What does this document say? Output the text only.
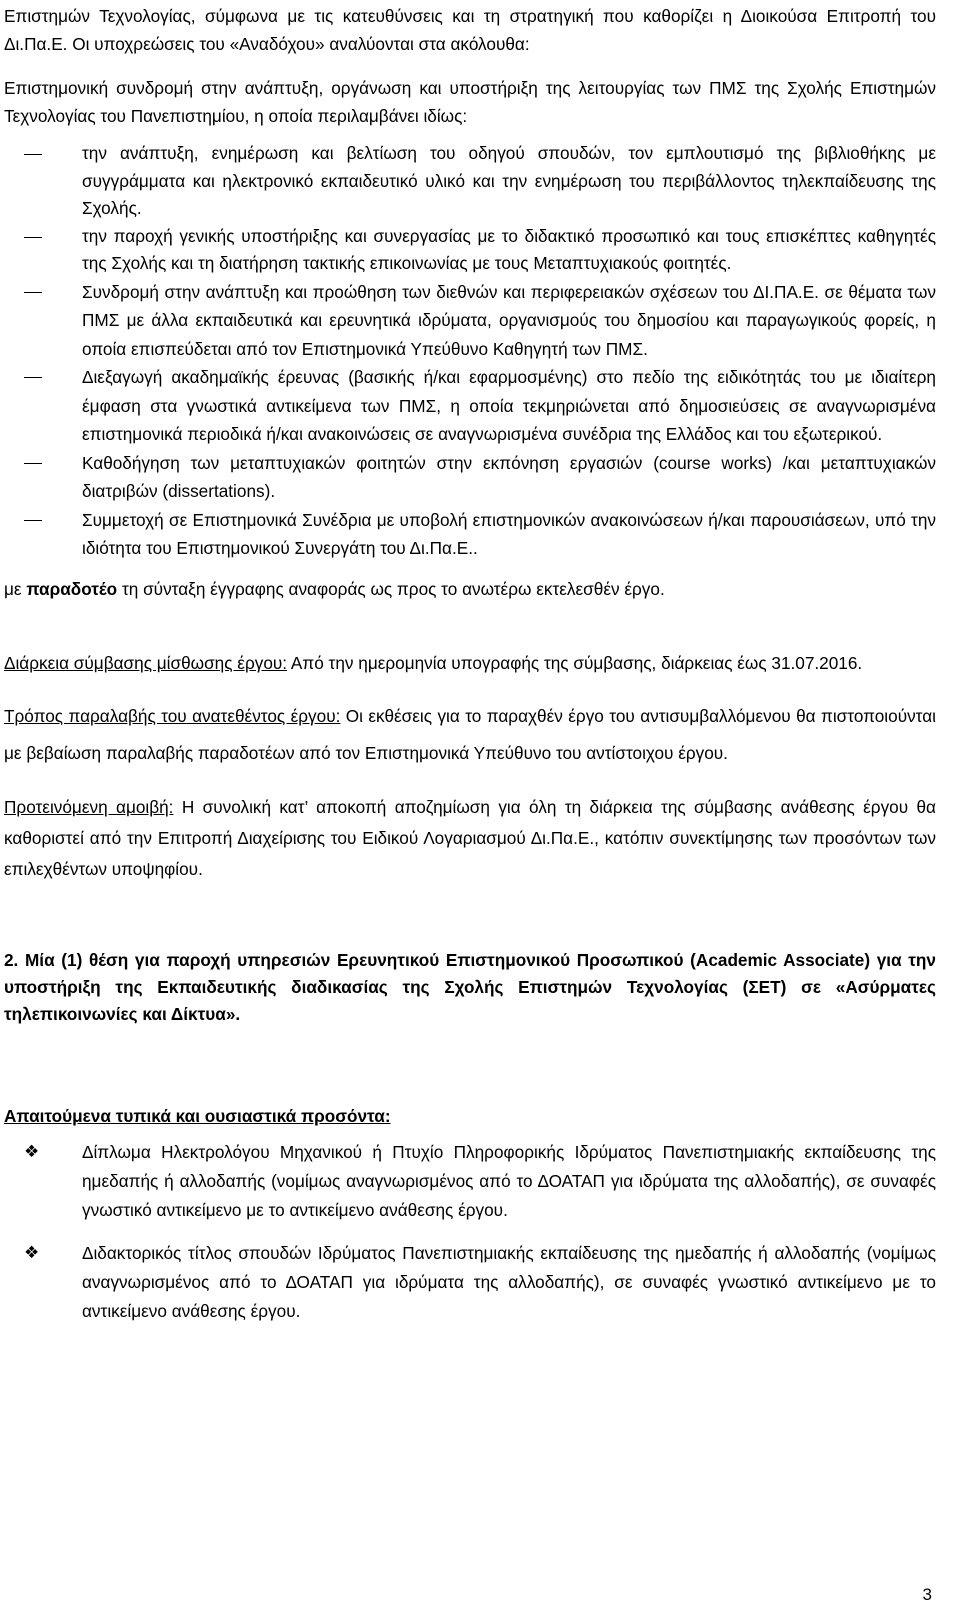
Επιστημών Τεχνολογίας, σύμφωνα με τις κατευθύνσεις και τη στρατηγική που καθορίζει η Διοικούσα Επιτροπή του Δι.Πα.Ε. Οι υποχρεώσεις του «Αναδόχου» αναλύονται στα ακόλουθα:

Επιστημονική συνδρομή στην ανάπτυξη, οργάνωση και υποστήριξη της λειτουργίας των ΠΜΣ της Σχολής Επιστημών Τεχνολογίας του Πανεπιστημίου, η οποία περιλαμβάνει ιδίως:

την ανάπτυξη, ενημέρωση και βελτίωση του οδηγού σπουδών, τον εμπλουτισμό της βιβλιοθήκης με συγγράμματα και ηλεκτρονικό εκπαιδευτικό υλικό και την ενημέρωση του περιβάλλοντος τηλεκπαίδευσης της Σχολής.
την παροχή γενικής υποστήριξης και συνεργασίας με το διδακτικό προσωπικό και τους επισκέπτες καθηγητές της Σχολής και τη διατήρηση τακτικής επικοινωνίας με τους Μεταπτυχιακούς φοιτητές.
Συνδρομή στην ανάπτυξη και προώθηση των διεθνών και περιφερειακών σχέσεων του ΔΙ.ΠΑ.Ε. σε θέματα των ΠΜΣ με άλλα εκπαιδευτικά και ερευνητικά ιδρύματα, οργανισμούς του δημοσίου και παραγωγικούς φορείς, η οποία επισπεύδεται από τον Επιστημονικά Υπεύθυνο Καθηγητή των ΠΜΣ.
Διεξαγωγή ακαδημαϊκής έρευνας (βασικής ή/και εφαρμοσμένης) στο πεδίο της ειδικότητάς του με ιδιαίτερη έμφαση στα γνωστικά αντικείμενα των ΠΜΣ, η οποία τεκμηριώνεται από δημοσιεύσεις σε αναγνωρισμένα επιστημονικά περιοδικά ή/και ανακοινώσεις σε αναγνωρισμένα συνέδρια της Ελλάδος και του εξωτερικού.
Καθοδήγηση των μεταπτυχιακών φοιτητών στην εκπόνηση εργασιών (course works) /και μεταπτυχιακών διατριβών (dissertations).
Συμμετοχή σε Επιστημονικά Συνέδρια με υποβολή επιστημονικών ανακοινώσεων ή/και παρουσιάσεων, υπό την ιδιότητα του Επιστημονικού Συνεργάτη του Δι.Πα.Ε..

με παραδοτέο τη σύνταξη έγγραφης αναφοράς ως προς το ανωτέρω εκτελεσθέν έργο.

Διάρκεια σύμβασης μίσθωσης έργου: Από την ημερομηνία υπογραφής της σύμβασης, διάρκειας έως 31.07.2016.

Τρόπος παραλαβής του ανατεθέντος έργου: Οι εκθέσεις για το παραχθέν έργο του αντισυμβαλλόμενου θα πιστοποιούνται με βεβαίωση παραλαβής παραδοτέων από τον Επιστημονικά Υπεύθυνο του αντίστοιχου έργου.

Προτεινόμενη αμοιβή: Η συνολική κατ’ αποκοπή αποζημίωση για όλη τη διάρκεια της σύμβασης ανάθεσης έργου θα καθοριστεί από την Επιτροπή Διαχείρισης του Ειδικού Λογαριασμού Δι.Πα.Ε., κατόπιν συνεκτίμησης των προσόντων των επιλεχθέντων υποψηφίου.

2. Μία (1) θέση για παροχή υπηρεσιών Ερευνητικού Επιστημονικού Προσωπικού (Academic Associate) για την υποστήριξη της Εκπαιδευτικής διαδικασίας της Σχολής Επιστημών Τεχνολογίας (ΣΕΤ) σε «Ασύρματες τηλεπικοινωνίες και Δίκτυα».

Απαιτούμενα τυπικά και ουσιαστικά προσόντα:

❖ Δίπλωμα Ηλεκτρολόγου Μηχανικού ή Πτυχίο Πληροφορικής Ιδρύματος Πανεπιστημιακής εκπαίδευσης της ημεδαπής ή αλλοδαπής (νομίμως αναγνωρισμένος από το ΔΟΑΤΑΠ για ιδρύματα της αλλοδαπής), σε συναφές γνωστικό αντικείμενο με το αντικείμενο ανάθεσης έργου.
❖ Διδακτορικός τίτλος σπουδών Ιδρύματος Πανεπιστημιακής εκπαίδευσης της ημεδαπής ή αλλοδαπής (νομίμως αναγνωρισμένος από το ΔΟΑΤΑΠ για ιδρύματα της αλλοδαπής), σε συναφές γνωστικό αντικείμενο με το αντικείμενο ανάθεσης έργου.
3
